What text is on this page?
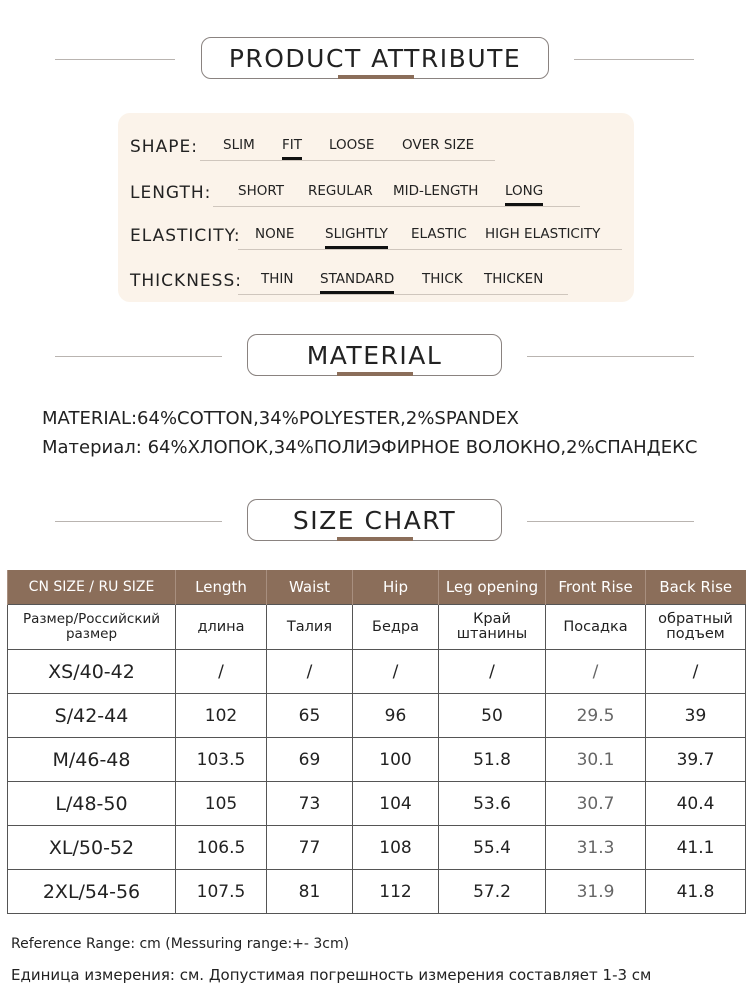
PRODUCT ATTRIBUTE
SHAPE: SLIM FIT LOOSE OVER SIZE
LENGTH: SHORT REGULAR MID-LENGTH LONG
ELASTICITY: NONE SLIGHTLY ELASTIC HIGH ELASTICITY
THICKNESS: THIN STANDARD THICK THICKEN
MATERIAL
MATERIAL:64%COTTON,34%POLYESTER,2%SPANDEX
Материал: 64%ХЛОПОК,34%ПОЛИЭФИРНОЕ ВОЛОКНО,2%СПАНДЕКС
SIZE CHART
CN SIZE / RU SIZE	Length	Waist	Hip	Leg opening	Front Rise	Back Rise
Размер/Российский размер	длина	Талия	Бедра	Край штанины	Посадка	обратный подъем
XS/40-42	/	/	/	/	/	/
S/42-44	102	65	96	50	29.5	39
M/46-48	103.5	69	100	51.8	30.1	39.7
L/48-50	105	73	104	53.6	30.7	40.4
XL/50-52	106.5	77	108	55.4	31.3	41.1
2XL/54-56	107.5	81	112	57.2	31.9	41.8
Reference Range: cm (Messuring range:+- 3cm)
Единица измерения: см. Допустимая погрешность измерения составляет 1-3 см
